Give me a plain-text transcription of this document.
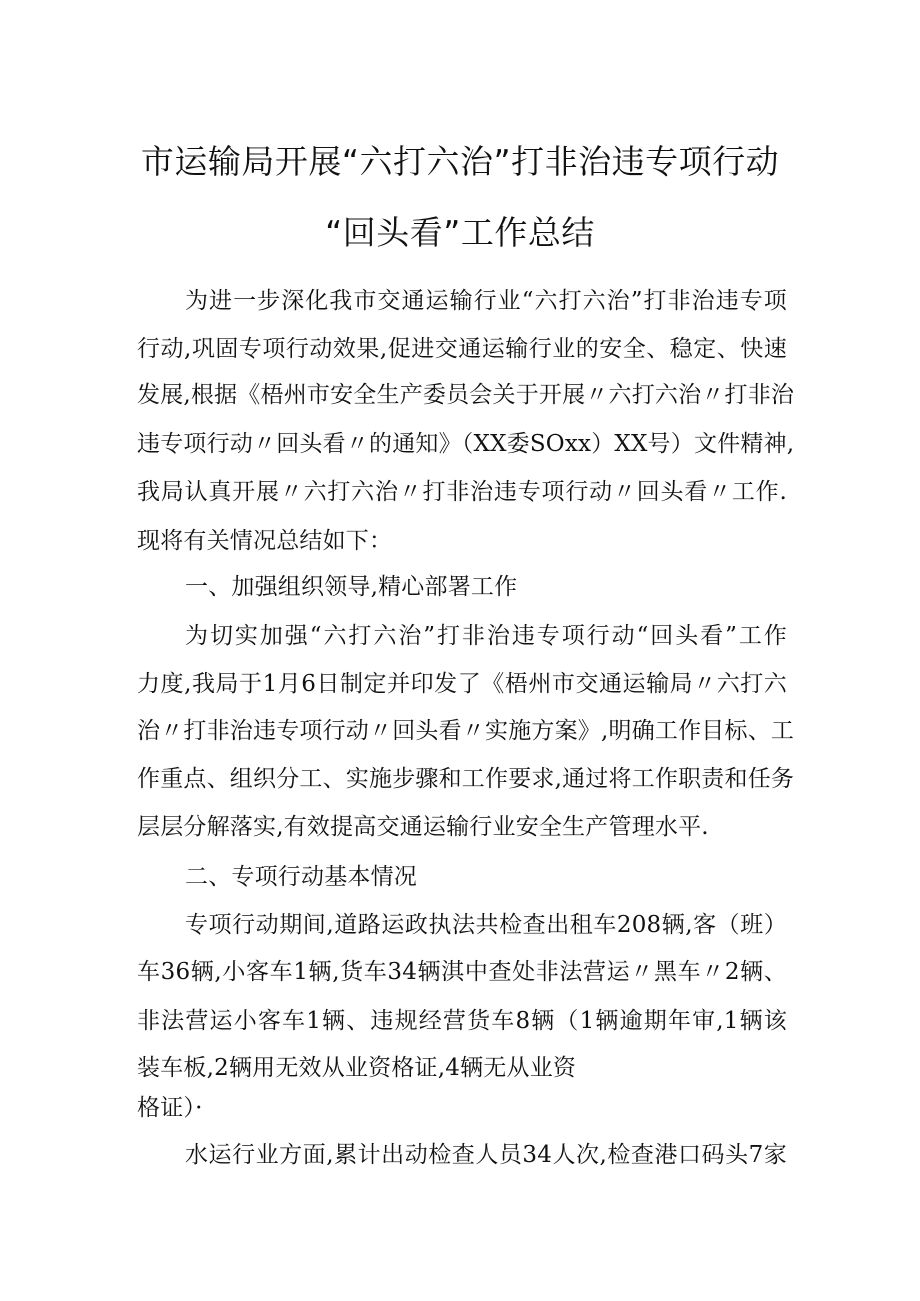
市运输局开展“六打六治”打非治违专项行动
“回头看”工作总结
为进一步深化我市交通运输行业“六打六治”打非治违专项
行动,巩固专项行动效果,促进交通运输行业的安全、稳定、快速
发展,根据《梧州市安全生产委员会关于开展〃六打六治〃打非治
违专项行动〃回头看〃的通知》（XX委SOxx）XX号）文件精神,
我局认真开展〃六打六治〃打非治违专项行动〃回头看〃工作.
现将有关情况总结如下：
一、加强组织领导,精心部署工作
为切实加强“六打六治”打非治违专项行动“回头看”工作
力度,我局于1月6日制定并印发了《梧州市交通运输局〃六打六
治〃打非治违专项行动〃回头看〃实施方案》,明确工作目标、工
作重点、组织分工、实施步骤和工作要求,通过将工作职责和任务
层层分解落实,有效提高交通运输行业安全生产管理水平.
二、专项行动基本情况
专项行动期间,道路运政执法共检查出租车208辆,客（班）
车36辆,小客车1辆,货车34辆淇中查处非法营运〃黑车〃2辆、
非法营运小客车1辆、违规经营货车8辆（1辆逾期年审,1辆该
装车板,2辆用无效从业资格证,4辆无从业资
格证）·
水运行业方面,累计出动检查人员34人次,检查港口码头7家
